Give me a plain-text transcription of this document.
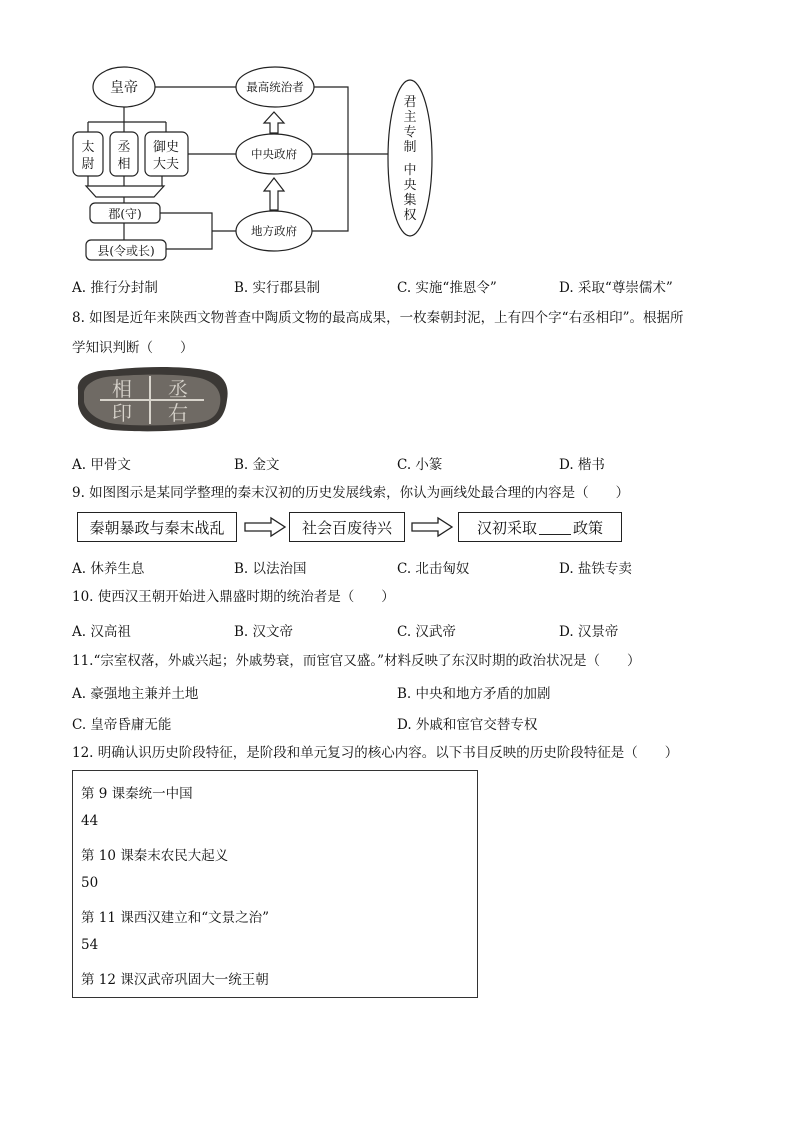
皇帝
太
尉
丞
相
御史
大夫
郡(守)
县(令或长)
最高统治者
中央政府
地方政府
君
主
专
制
中
央
集
权
A. 推行分封制	B. 实行郡县制	C. 实施“推恩令”	D. 采取“尊崇儒术”
8. 如图是近年来陕西文物普查中陶质文物的最高成果，一枚秦朝封泥，上有四个字“右丞相印”。根据所
学知识判断（　　）
相 丞
印 右
A. 甲骨文	B. 金文	C. 小篆	D. 楷书
9. 如图图示是某同学整理的秦末汉初的历史发展线索，你认为画线处最合理的内容是（　　）
秦朝暴政与秦末战乱	社会百废待兴	汉初采取 政策
A. 休养生息	B. 以法治国	C. 北击匈奴	D. 盐铁专卖
10. 使西汉王朝开始进入鼎盛时期的统治者是（　　）
A. 汉高祖	B. 汉文帝	C. 汉武帝	D. 汉景帝
11.“宗室权落，外戚兴起；外戚势衰，而宦官又盛。”材料反映了东汉时期的政治状况是（　　）
A. 豪强地主兼并土地	B. 中央和地方矛盾的加剧
C. 皇帝昏庸无能	D. 外戚和宦官交替专权
12. 明确认识历史阶段特征，是阶段和单元复习的核心内容。以下书目反映的历史阶段特征是（　　）
第 9 课秦统一中国
44
第 10 课秦末农民大起义
50
第 11 课西汉建立和“文景之治”
54
第 12 课汉武帝巩固大一统王朝
